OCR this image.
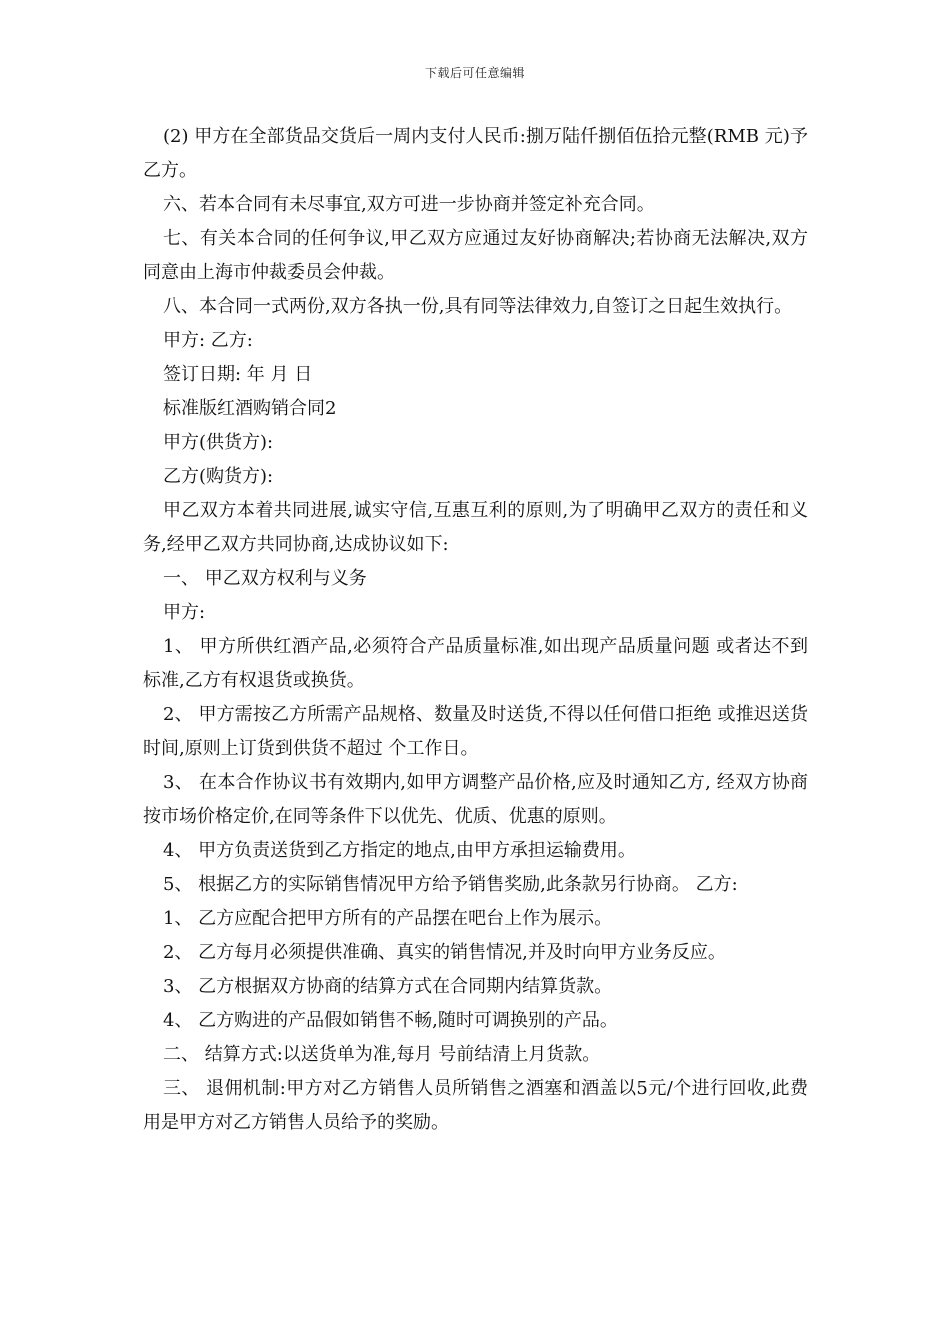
下载后可任意编辑

(2) 甲方在全部货品交货后一周内支付人民币:捌万陆仟捌佰伍拾元整(RMB 元)予乙方。

六、若本合同有未尽事宜,双方可进一步协商并签定补充合同。

七、有关本合同的任何争议,甲乙双方应通过友好协商解决;若协商无法解决,双方同意由上海市仲裁委员会仲裁。

八、本合同一式两份,双方各执一份,具有同等法律效力,自签订之日起生效执行。

甲方: 乙方:

签订日期: 年 月 日

标准版红酒购销合同2

甲方(供货方):

乙方(购货方):

甲乙双方本着共同进展,诚实守信,互惠互利的原则,为了明确甲乙双方的责任和义务,经甲乙双方共同协商,达成协议如下:

一、 甲乙双方权利与义务

甲方:

1、 甲方所供红酒产品,必须符合产品质量标准,如出现产品质量问题 或者达不到标准,乙方有权退货或换货。

2、 甲方需按乙方所需产品规格、数量及时送货,不得以任何借口拒绝 或推迟送货时间,原则上订货到供货不超过 个工作日。

3、 在本合作协议书有效期内,如甲方调整产品价格,应及时通知乙方, 经双方协商按市场价格定价,在同等条件下以优先、优质、优惠的原则。

4、 甲方负责送货到乙方指定的地点,由甲方承担运输费用。

5、 根据乙方的实际销售情况甲方给予销售奖励,此条款另行协商。 乙方:

1、 乙方应配合把甲方所有的产品摆在吧台上作为展示。

2、 乙方每月必须提供准确、真实的销售情况,并及时向甲方业务反应。

3、 乙方根据双方协商的结算方式在合同期内结算货款。

4、 乙方购进的产品假如销售不畅,随时可调换别的产品。

二、 结算方式:以送货单为准,每月 号前结清上月货款。

三、 退佣机制:甲方对乙方销售人员所销售之酒塞和酒盖以5元/个进行回收,此费用是甲方对乙方销售人员给予的奖励。
